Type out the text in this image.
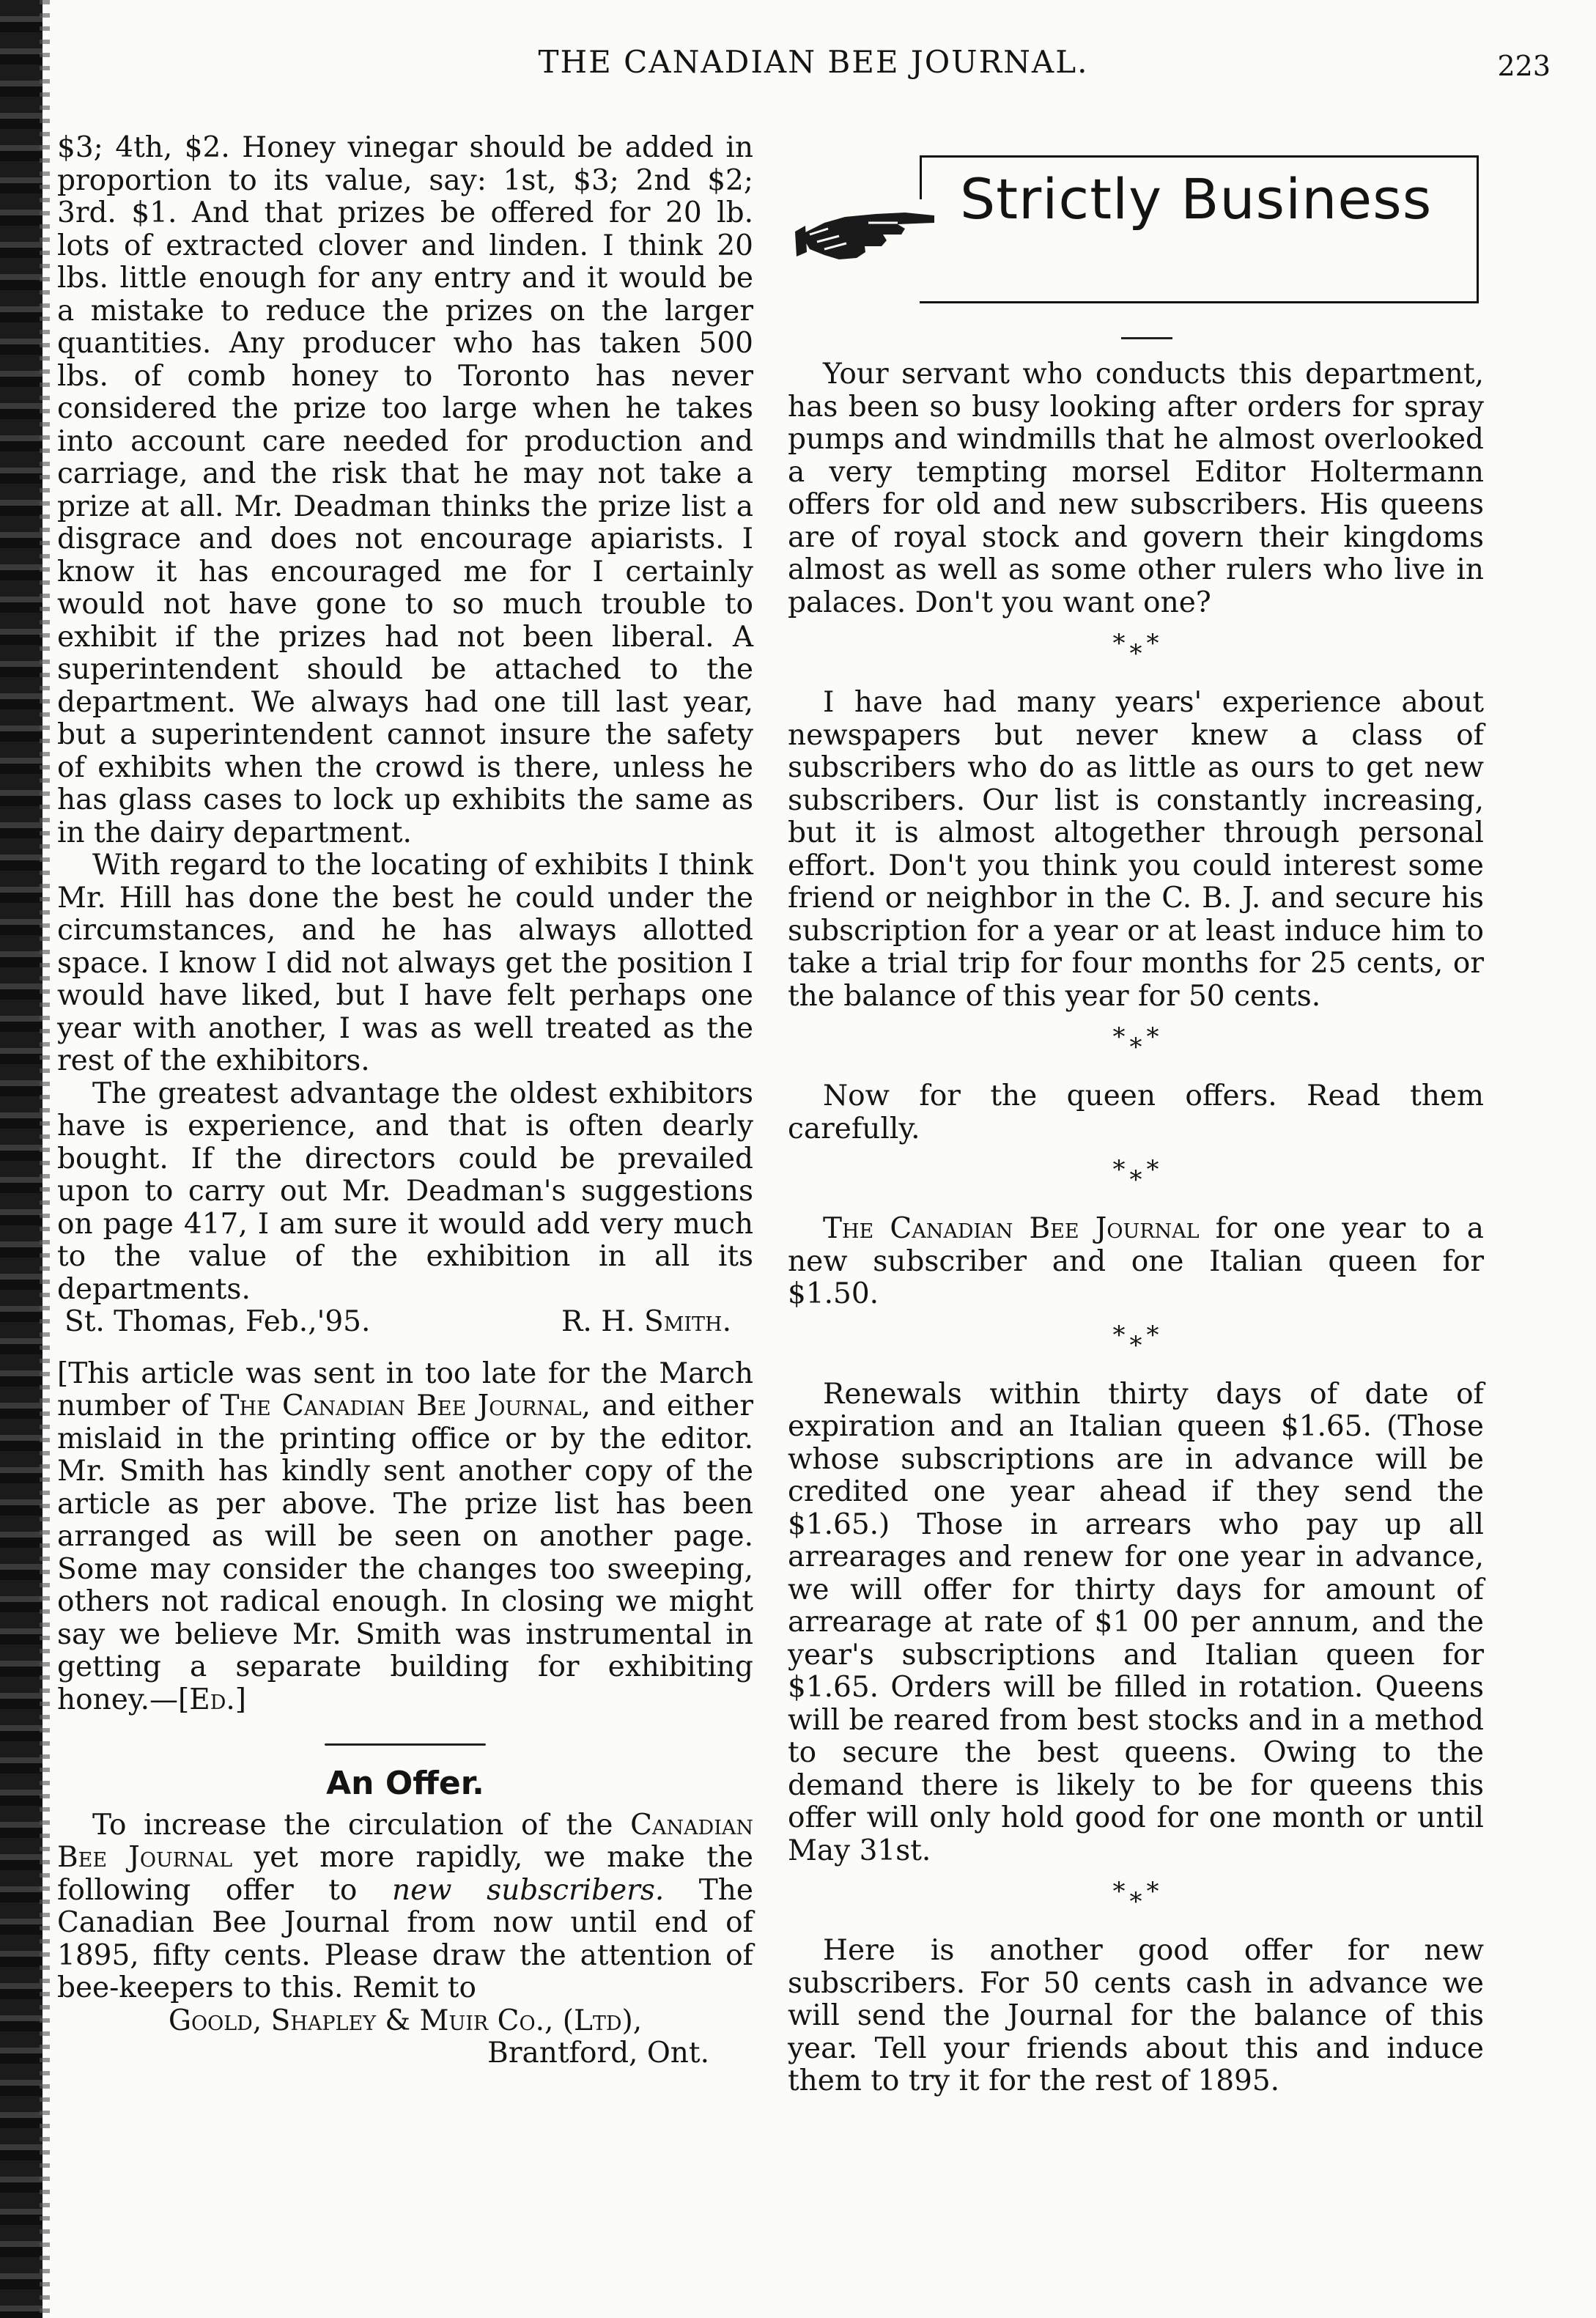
THE CANADIAN BEE JOURNAL.	223

$3; 4th, $2. Honey vinegar should be added in proportion to its value, say: 1st, $3; 2nd $2; 3rd. $1. And that prizes be offered for 20 lb. lots of extracted clover and linden. I think 20 lbs. little enough for any entry and it would be a mistake to reduce the prizes on the larger quantities. Any producer who has taken 500 lbs. of comb honey to Toronto has never considered the prize too large when he takes into account care needed for production and carriage, and the risk that he may not take a prize at all. Mr. Deadman thinks the prize list a disgrace and does not encourage apiarists. I know it has encouraged me for I certainly would not have gone to so much trouble to exhibit if the prizes had not been liberal. A superintendent should be attached to the department. We always had one till last year, but a superintendent cannot insure the safety of exhibits when the crowd is there, unless he has glass cases to lock up exhibits the same as in the dairy department.

With regard to the locating of exhibits I think Mr. Hill has done the best he could under the circumstances, and he has always allotted space. I know I did not always get the position I would have liked, but I have felt perhaps one year with another, I was as well treated as the rest of the exhibitors.

The greatest advantage the oldest exhibitors have is experience, and that is often dearly bought. If the directors could be prevailed upon to carry out Mr. Deadman's suggestions on page 417, I am sure it would add very much to the value of the exhibition in all its departments.

St. Thomas, Feb.,'95.	R. H. Smith.

[This article was sent in too late for the March number of The Canadian Bee Journal, and either mislaid in the printing office or by the editor. Mr. Smith has kindly sent another copy of the article as per above. The prize list has been arranged as will be seen on another page. Some may consider the changes too sweeping, others not radical enough. In closing we might say we believe Mr. Smith was instrumental in getting a separate building for exhibiting honey.—[Ed.]

An Offer.

To increase the circulation of the Canadian Bee Journal yet more rapidly, we make the following offer to new subscribers. The Canadian Bee Journal from now until end of 1895, fifty cents. Please draw the attention of bee-keepers to this. Remit to

Goold, Shapley & Muir Co., (Ltd),
Brantford, Ont.
Strictly Business

Your servant who conducts this department, has been so busy looking after orders for spray pumps and windmills that he almost overlooked a very tempting morsel Editor Holtermann offers for old and new subscribers. His queens are of royal stock and govern their kingdoms almost as well as some other rulers who live in palaces. Don't you want one?

* * *

I have had many years' experience about newspapers but never knew a class of subscribers who do as little as ours to get new subscribers. Our list is constantly increasing, but it is almost altogether through personal effort. Don't you think you could interest some friend or neighbor in the C. B. J. and secure his subscription for a year or at least induce him to take a trial trip for four months for 25 cents, or the balance of this year for 50 cents.

* * *

Now for the queen offers. Read them carefully.

* * *

The Canadian Bee Journal for one year to a new subscriber and one Italian queen for $1.50.

* * *

Renewals within thirty days of date of expiration and an Italian queen $1.65. (Those whose subscriptions are in advance will be credited one year ahead if they send the $1.65.) Those in arrears who pay up all arrearages and renew for one year in advance, we will offer for thirty days for amount of arrearage at rate of $1 00 per annum, and the year's subscriptions and Italian queen for $1.65. Orders will be filled in rotation. Queens will be reared from best stocks and in a method to secure the best queens. Owing to the demand there is likely to be for queens this offer will only hold good for one month or until May 31st.

* * *

Here is another good offer for new subscribers. For 50 cents cash in advance we will send the Journal for the balance of this year. Tell your friends about this and induce them to try it for the rest of 1895.
